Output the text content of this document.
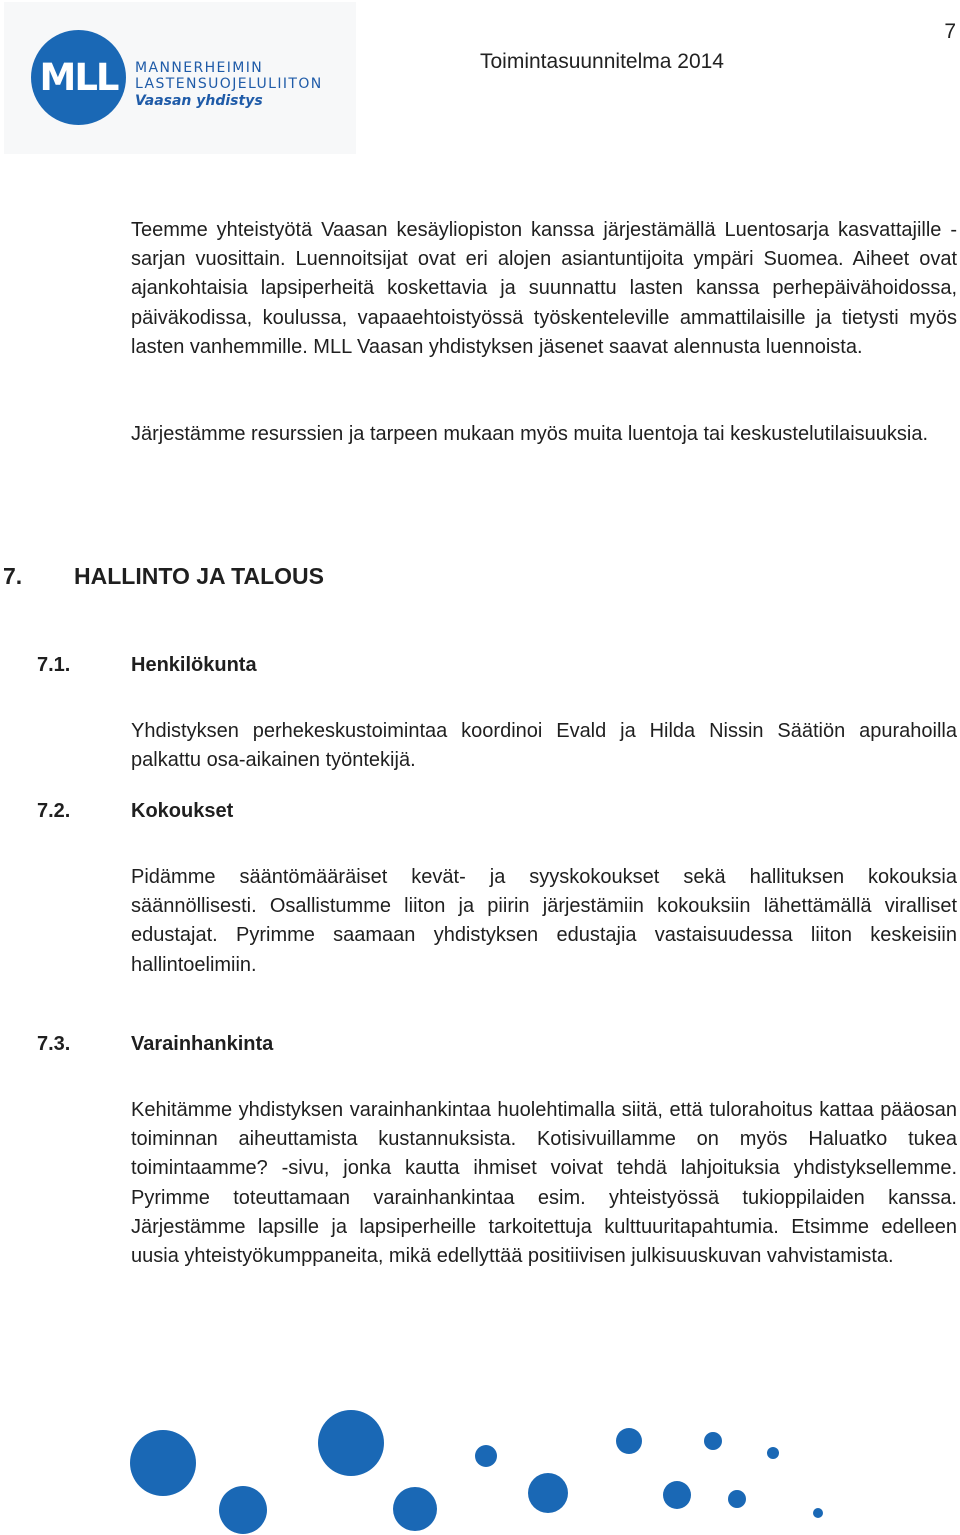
7
Toimintasuunnitelma 2014
MLL	MANNERHEIMIN
LASTENSUOJELULIITON
Vaasan yhdistys

Teemme yhteistyötä Vaasan kesäyliopiston kanssa järjestämällä Luentosarja kasvattajille -sarjan vuosittain. Luennoitsijat ovat eri alojen asiantuntijoita ympäri Suomea. Aiheet ovat ajankohtaisia lapsiperheitä koskettavia ja suunnattu lasten kanssa perhepäivähoidossa, päiväkodissa, koulussa, vapaaehtoistyössä työskenteleville ammattilaisille ja tietysti myös lasten vanhemmille. MLL Vaasan yhdistyksen jäsenet saavat alennusta luennoista.

Järjestämme resurssien ja tarpeen mukaan myös muita luentoja tai keskustelutilaisuuksia.

7. HALLINTO JA TALOUS
7.1.	Henkilökunta

Yhdistyksen perhekeskustoimintaa koordinoi Evald ja Hilda Nissin Säätiön apurahoilla palkattu osa-aikainen työntekijä.

7.2.	Kokoukset

Pidämme sääntömääräiset kevät- ja syyskokoukset sekä hallituksen kokouksia säännöllisesti. Osallistumme liiton ja piirin järjestämiin kokouksiin lähettämällä viralliset edustajat. Pyrimme saamaan yhdistyksen edustajia vastaisuudessa liiton keskeisiin hallintoelimiin.

7.3.	Varainhankinta

Kehitämme yhdistyksen varainhankintaa huolehtimalla siitä, että tulorahoitus kattaa pääosan toiminnan aiheuttamista kustannuksista. Kotisivuillamme on myös Haluatko tukea toimintaamme? -sivu, jonka kautta ihmiset voivat tehdä lahjoituksia yhdistyksellemme. Pyrimme toteuttamaan varainhankintaa esim. yhteistyössä tukioppilaiden kanssa. Järjestämme lapsille ja lapsiperheille tarkoitettuja kulttuuritapahtumia. Etsimme edelleen uusia yhteistyökumppaneita, mikä edellyttää positiivisen julkisuuskuvan vahvistamista.
